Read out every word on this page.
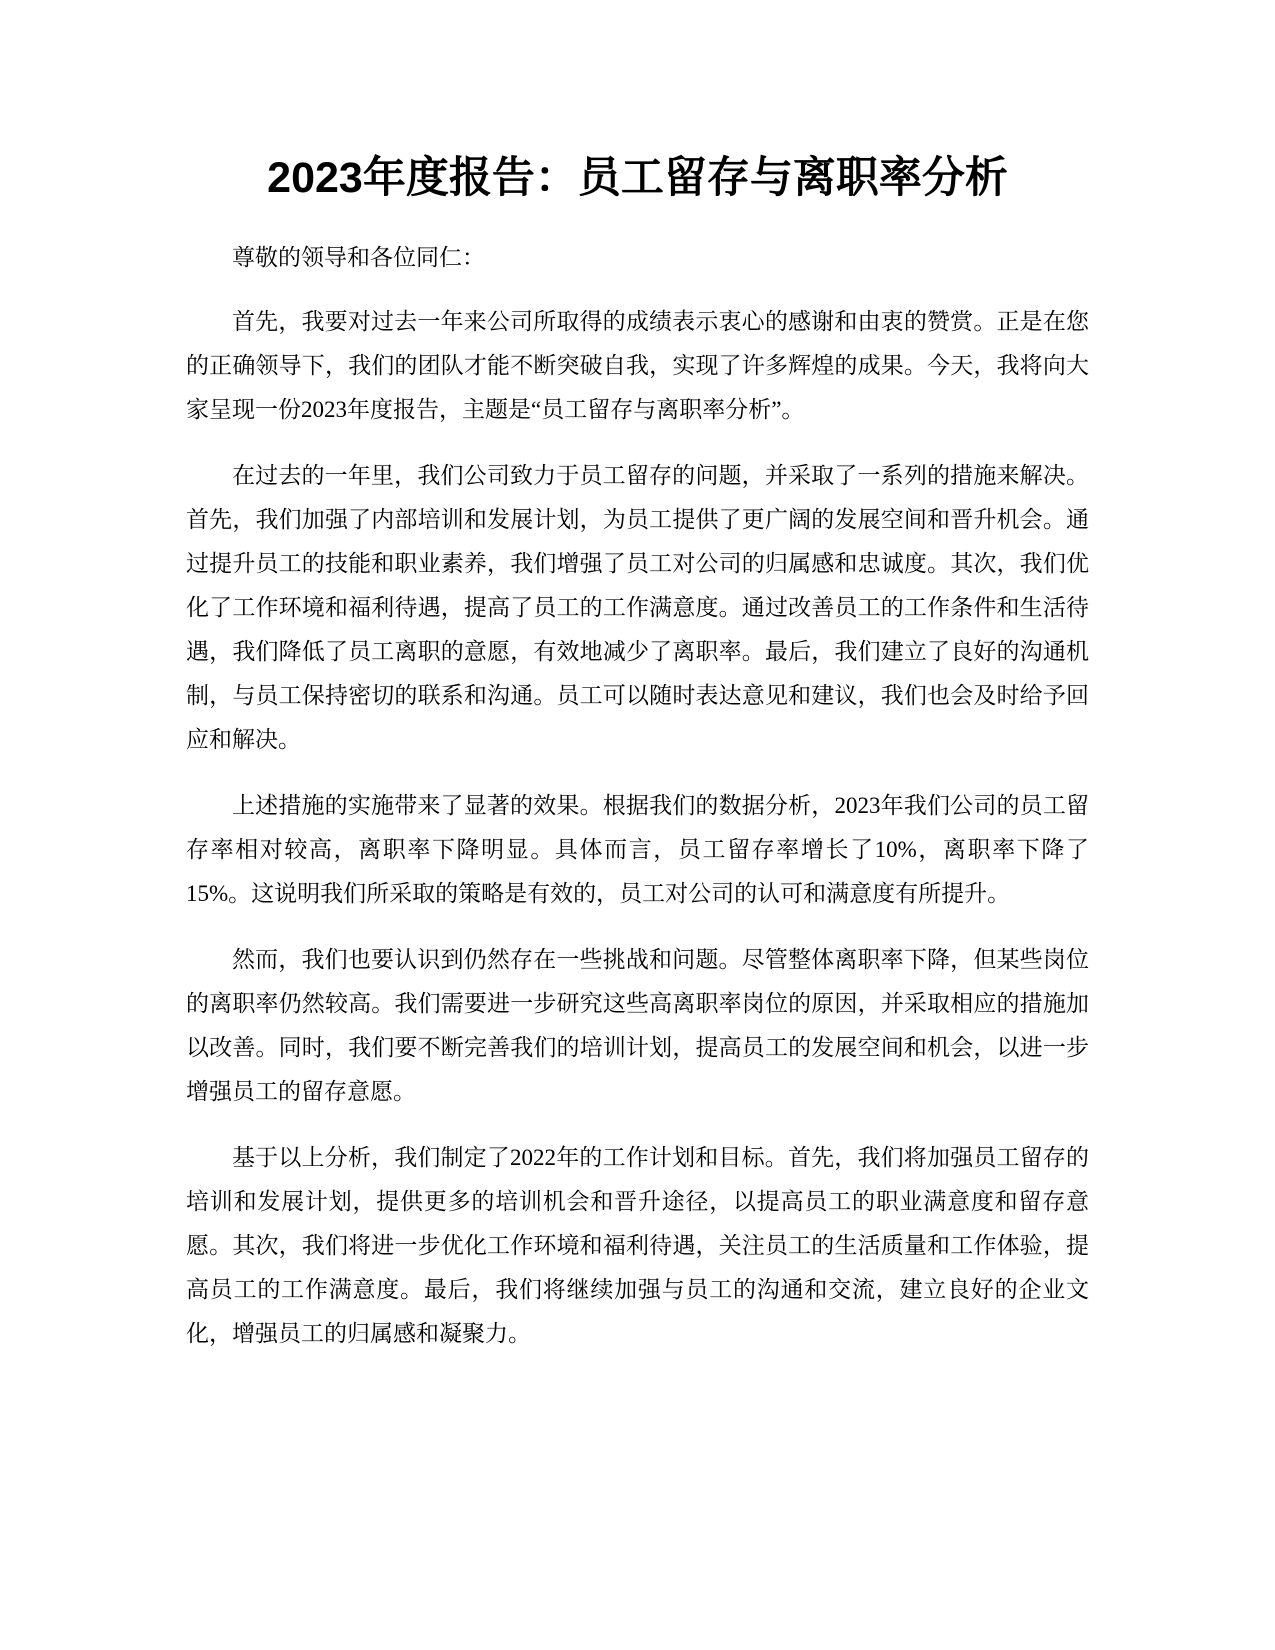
2023年度报告：员工留存与离职率分析

尊敬的领导和各位同仁：

首先，我要对过去一年来公司所取得的成绩表示衷心的感谢和由衷的赞赏。正是在您的正确领导下，我们的团队才能不断突破自我，实现了许多辉煌的成果。今天，我将向大家呈现一份2023年度报告，主题是“员工留存与离职率分析”。

在过去的一年里，我们公司致力于员工留存的问题，并采取了一系列的措施来解决。首先，我们加强了内部培训和发展计划，为员工提供了更广阔的发展空间和晋升机会。通过提升员工的技能和职业素养，我们增强了员工对公司的归属感和忠诚度。其次，我们优化了工作环境和福利待遇，提高了员工的工作满意度。通过改善员工的工作条件和生活待遇，我们降低了员工离职的意愿，有效地减少了离职率。最后，我们建立了良好的沟通机制，与员工保持密切的联系和沟通。员工可以随时表达意见和建议，我们也会及时给予回应和解决。

上述措施的实施带来了显著的效果。根据我们的数据分析，2023年我们公司的员工留存率相对较高，离职率下降明显。具体而言，员工留存率增长了10%，离职率下降了15%。这说明我们所采取的策略是有效的，员工对公司的认可和满意度有所提升。

然而，我们也要认识到仍然存在一些挑战和问题。尽管整体离职率下降，但某些岗位的离职率仍然较高。我们需要进一步研究这些高离职率岗位的原因，并采取相应的措施加以改善。同时，我们要不断完善我们的培训计划，提高员工的发展空间和机会，以进一步增强员工的留存意愿。

基于以上分析，我们制定了2022年的工作计划和目标。首先，我们将加强员工留存的培训和发展计划，提供更多的培训机会和晋升途径，以提高员工的职业满意度和留存意愿。其次，我们将进一步优化工作环境和福利待遇，关注员工的生活质量和工作体验，提高员工的工作满意度。最后，我们将继续加强与员工的沟通和交流，建立良好的企业文化，增强员工的归属感和凝聚力。
